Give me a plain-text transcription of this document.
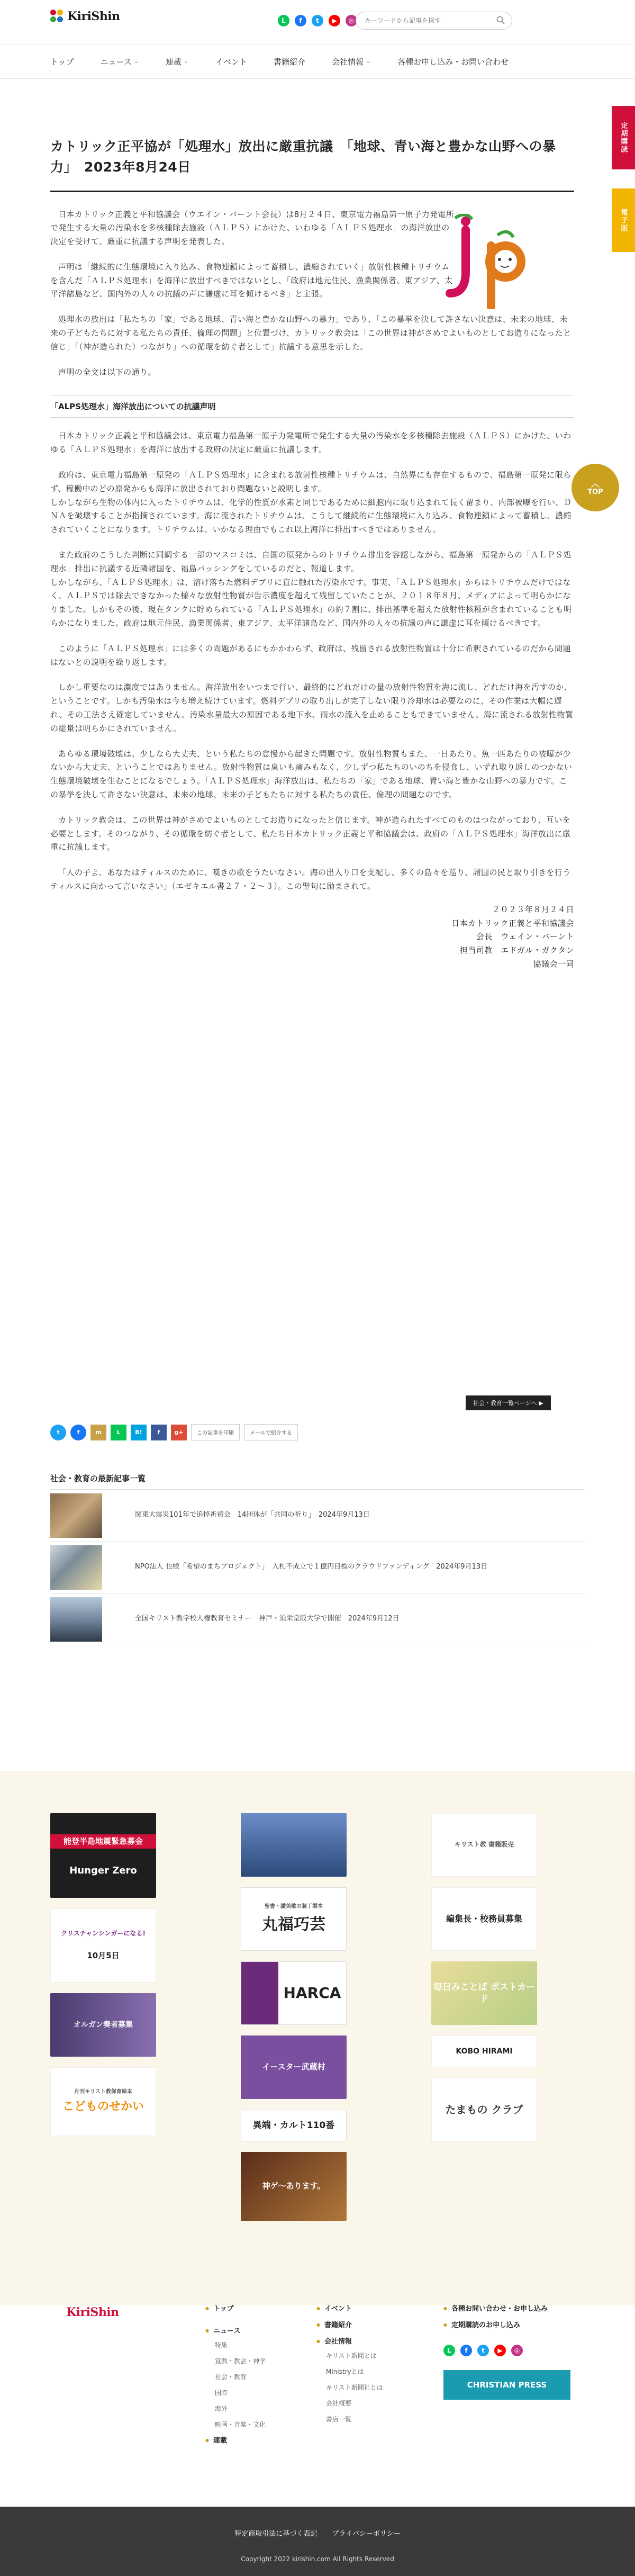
KiriShin	L	f	t	▶	◎
キーワードから記事を探す
トップ	ニュース ⌄	連載 ⌄	イベント	書籍紹介	会社情報 ⌄	各種お申し込み・お問い合わせ
定期購読
電子版
︿
TOP
カトリック正平協が「処理水」放出に厳重抗議　「地球、青い海と豊かな山野への暴力」　2023年8月24日

日本カトリック正義と平和協議会（ウエイン・バーント会長）は8月２４日、東京電力福島第一原子力発電所で発生する大量の汚染水を多核種除去施設（ＡＬＰＳ）にかけた、いわゆる「ＡＬＰＳ処理水」の海洋放出の決定を受けて、厳重に抗議する声明を発表した。

声明は「継続的に生態環境に入り込み、食物連鎖によって蓄積し、濃縮されていく」放射性核種トリチウムを含んだ「ＡＬＰＳ処理水」を海洋に放出すべきではないとし、「政府は地元住民、漁業関係者、東アジア、太平洋諸島など、国内外の人々の抗議の声に謙虚に耳を傾けるべき」と主張。

処理水の放出は「私たちの「家」である地球、青い海と豊かな山野への暴力」であり、「この暴挙を決して許さない決意は、未来の地球、未来の子どもたちに対する私たちの責任、倫理の問題」と位置づけ、カトリック教会は「この世界は神がさめでよいものとしてお造りになったと信じ」「（神が造られた）つながり」への循環を紡ぐ者として」抗議する意思を示した。

声明の全文は以下の通り。

「ALPS処理水」海洋放出についての抗議声明

日本カトリック正義と平和協議会は、東京電力福島第一原子力発電所で発生する大量の汚染水を多核種除去施設（ＡＬＰＳ）にかけた、いわゆる「ＡＬＰＳ処理水」を海洋に放出する政府の決定に厳重に抗議します。

政府は、東京電力福島第一原発の「ＡＬＰＳ処理水」に含まれる放射性核種トリチウムは、自然界にも存在するもので、福島第一原発に限らず、稼働中のどの原発からも海洋に放出されており問題ないと説明します。
しかしながら生物の体内に入ったトリチウムは、化学的性質が水素と同じであるために細胞内に取り込まれて長く留まり、内部被曝を行い、ＤＮＡを破壊することが指摘されています。海に流されたトリチウムは、こうして継続的に生態環境に入り込み、食物連鎖によって蓄積し、濃縮されていくことになります。トリチウムは、いかなる理由でもこれ以上海洋に排出すべきではありません。

また政府のこうした判断に同調する一部のマスコミは、自国の原発からのトリチウム排出を容認しながら、福島第一原発からの「ＡＬＰＳ処理水」排出に抗議する近隣諸国を、福島バッシングをしているのだと、報道します。
しかしながら、「ＡＬＰＳ処理水」は、溶け落ちた燃料デブリに直に触れた汚染水です。事実、「ＡＬＰＳ処理水」からはトリチウムだけではなく、ＡＬＰＳでは除去できなかった様々な放射性物質が告示濃度を超えて残留していたことが、２０１８年８月、メディアによって明らかになりました。しかもその後、現在タンクに貯められている「ＡＬＰＳ処理水」の約７割に、排出基準を超えた放射性核種が含まれていることも明らかになりました。政府は地元住民、漁業関係者、東アジア、太平洋諸島など、国内外の人々の抗議の声に謙虚に耳を傾けるべきです。

このように「ＡＬＰＳ処理水」には多くの問題があるにもかかわらず、政府は、残留される放射性物質は十分に希釈されているのだから問題はないとの説明を繰り返します。

しかし重要なのは濃度ではありません。海洋放出をいつまで行い、最終的にどれだけの量の放射性物質を海に流し、どれだけ海を汚すのか、ということです。しかも汚染水は今も増え続けています。燃料デブリの取り出しが完了しない限り冷却水は必要なのに、その作業は大幅に遅れ、その工法さえ確定していません。汚染水量最大の原因である地下水、雨水の流入を止めることもできていません。海に流される放射性物質の総量は明らかにされていません。

あらゆる環境破壊は、少しなら大丈夫、という私たちの怠慢から起きた問題です。放射性物質もまた、一日あたり、魚一匹あたりの被曝が少ないから大丈夫、ということではありません。放射性物質は臭いも痛みもなく、少しずつ私たちのいのちを侵食し、いずれ取り返しのつかない生態環境破壊を生むことになるでしょう。「ＡＬＰＳ処理水」海洋放出は、私たちの「家」である地球、青い海と豊かな山野への暴力です。この暴挙を決して許さない決意は、未来の地球、未来の子どもたちに対する私たちの責任、倫理の問題なのです。

カトリック教会は、この世界は神がさめでよいものとしてお造りになったと信じます。神が造られたすべてのものはつながっており、互いを必要とします。そのつながり、その循環を紡ぐ者として、私たち日本カトリック正義と平和協議会は、政府の「ＡＬＰＳ処理水」海洋放出に厳重に抗議します。

「人の子よ、あなたはティルスのために、嘆きの歌をうたいなさい。海の出入り口を支配し、多くの島々を巡り、諸国の民と取り引きを行うティルスに向かって言いなさい」（エゼキエル書２７・２〜３）。この聖句に励まされて。

２０２３年８月２４日
日本カトリック正義と平和協議会
会長　ウェイン・バーント
担当司教　エドガル・ガクタン
協議会一同
社会・教育一覧ページへ ▶
t	f	m	L	B!	f	g+	この記事を印刷	メールで紹介する
社会・教育の最新記事一覧
関東大震災101年で追悼祈祷会　14団体が「共同の祈り」　2024年9月13日
NPO法人 也様「希望のまちプロジェクト」　入札不成立で１億円目標のクラウドファンディング　2024年9月13日
全国キリスト教学校人権教育セミナー　神戸・須栄堂阪大学で開催　2024年9月12日
能登半島地震緊急募金
Hunger Zero
クリスチャンシンガーになる!
10月5日
オルガン奏者募集
月刊キリスト教保育絵本
こどものせかい
聖書・讃美歌の装丁製本
丸福巧芸
HARCA
イースター武蔵村
異端・カルト110番
神ゲ～あります。
キリスト教 書籍販売
編集長・校務員募集
毎日みことば ポストカード
KOBO HIRAMI
たまもの クラブ
KiriShin
●	トップ
● ニュース
特集
宣教・教会・神学
社会・教育
国際
海外
映画・音楽・文化
● 連載
● イベント
● 書籍紹介
● 会社情報
キリスト新聞とは
Ministryとは
キリスト新聞社とは
会社概要
書店一覧
● 各種お問い合わせ・お申し込み
● 定期購読のお申し込み
L	f	t	▶	◎
CHRISTIAN PRESS
特定商取引法に基づく表記 プライバシーポリシー
Copyright 2022 kirishin.com All Rights Reserved
